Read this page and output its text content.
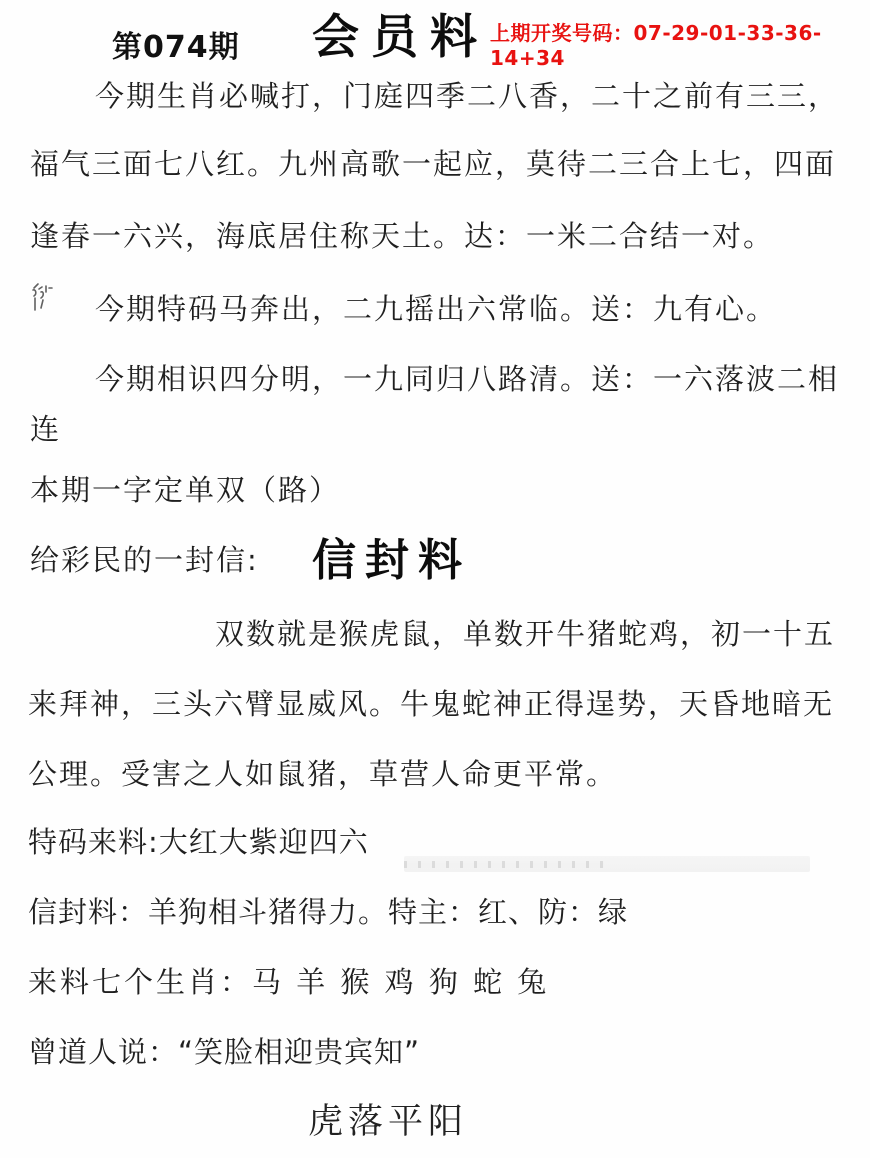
第074期 会员料 上期开奖号码：07-29-01-33-36-14+34
今期生肖必喊打，门庭四季二八香，二十之前有三三，
福气三面七八红。九州高歌一起应，莫待二三合上七，四面
逢春一六兴，海底居住称天土。达：一米二合结一对。
今期特码马奔出，二九摇出六常临。送：九有心。
今期相识四分明，一九同归八路清。送：一六落波二相
连
本期一字定单双（路）
给彩民的一封信: 信封料
双数就是猴虎鼠，单数开牛猪蛇鸡，初一十五
来拜神，三头六臂显威风。牛鬼蛇神正得逞势，天昏地暗无
公理。受害之人如鼠猪，草营人命更平常。
特码来料:大红大紫迎四六
信封料：羊狗相斗猪得力。特主：红、防：绿
来料七个生肖：马 羊 猴 鸡 狗 蛇 兔
曾道人说：“笑脸相迎贵宾知”
虎落平阳
